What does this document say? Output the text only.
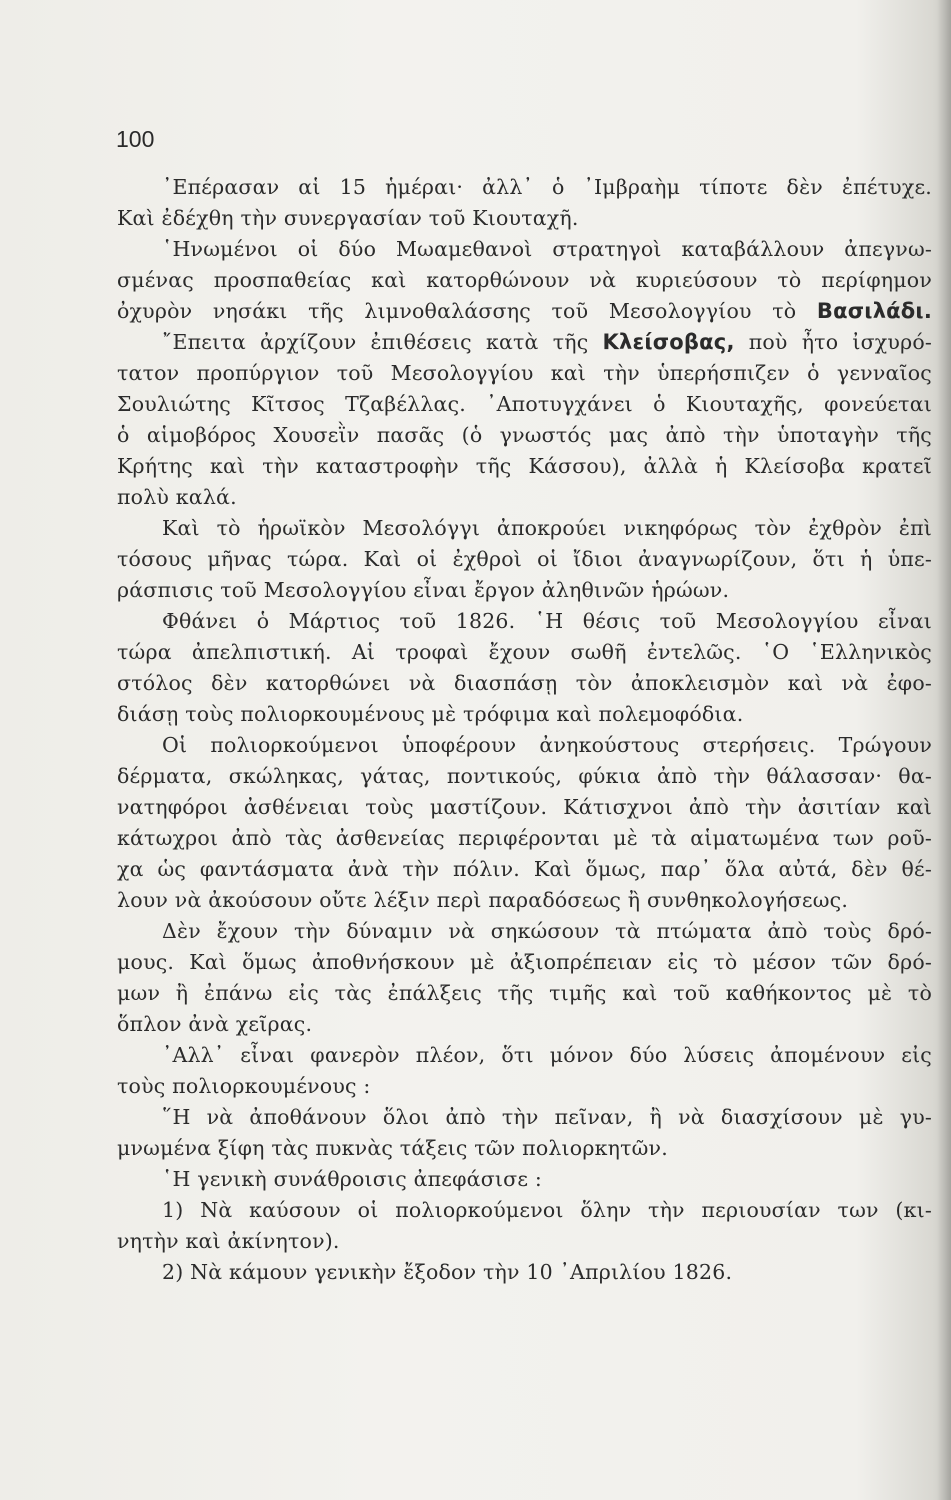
100
᾿Επέρασαν αἱ 15 ἡμέραι· ἀλλ᾿ ὁ ᾿Ιμβραὴμ τίποτε δὲν ἐπέτυχε.
Καὶ ἐδέχθη τὴν συνεργασίαν τοῦ Κιουταχῆ.
῾Ηνωμένοι οἱ δύο Μωαμεθανοὶ στρατηγοὶ καταβάλλουν ἀπεγνω-
σμένας προσπαθείας καὶ κατορθώνουν νὰ κυριεύσουν τὸ περίφημον
ὀχυρὸν νησάκι τῆς λιμνοθαλάσσης τοῦ Μεσολογγίου τὸ Βασιλάδι.
῎Επειτα ἀρχίζουν ἐπιθέσεις κατὰ τῆς Κλείσοβας, ποὺ ἦτο ἰσχυρό-
τατον προπύργιον τοῦ Μεσολογγίου καὶ τὴν ὑπερήσπιζεν ὁ γενναῖος
Σουλιώτης Κῖτσος Τζαβέλλας. ᾿Αποτυγχάνει ὁ Κιουταχῆς, φονεύεται
ὁ αἱμοβόρος Χουσεῒν πασᾶς (ὁ γνωστός μας ἀπὸ τὴν ὑποταγὴν τῆς
Κρήτης καὶ τὴν καταστροφὴν τῆς Κάσσου), ἀλλὰ ἡ Κλείσοβα κρατεῖ
πολὺ καλά.
Καὶ τὸ ἡρωϊκὸν Μεσολόγγι ἀποκρούει νικηφόρως τὸν ἐχθρὸν ἐπὶ
τόσους μῆνας τώρα. Καὶ οἱ ἐχθροὶ οἱ ἴδιοι ἀναγνωρίζουν, ὅτι ἡ ὑπε-
ράσπισις τοῦ Μεσολογγίου εἶναι ἔργον ἀληθινῶν ἡρώων.
Φθάνει ὁ Μάρτιος τοῦ 1826. ῾Η θέσις τοῦ Μεσολογγίου εἶναι
τώρα ἀπελπιστική. Αἱ τροφαὶ ἔχουν σωθῆ ἐντελῶς. ῾Ο ῾Ελληνικὸς
στόλος δὲν κατορθώνει νὰ διασπάσῃ τὸν ἀποκλεισμὸν καὶ νὰ ἐφο-
διάσῃ τοὺς πολιορκουμένους μὲ τρόφιμα καὶ πολεμοφόδια.
Οἱ πολιορκούμενοι ὑποφέρουν ἀνηκούστους στερήσεις. Τρώγουν
δέρματα, σκώληκας, γάτας, ποντικούς, φύκια ἀπὸ τὴν θάλασσαν· θα-
νατηφόροι ἀσθένειαι τοὺς μαστίζουν. Κάτισχνοι ἀπὸ τὴν ἀσιτίαν καὶ
κάτωχροι ἀπὸ τὰς ἀσθενείας περιφέρονται μὲ τὰ αἱματωμένα των ροῦ-
χα ὡς φαντάσματα ἀνὰ τὴν πόλιν. Καὶ ὅμως, παρ᾿ ὅλα αὐτά, δὲν θέ-
λουν νὰ ἀκούσουν οὔτε λέξιν περὶ παραδόσεως ἢ συνθηκολογήσεως.
Δὲν ἔχουν τὴν δύναμιν νὰ σηκώσουν τὰ πτώματα ἀπὸ τοὺς δρό-
μους. Καὶ ὅμως ἀποθνήσκουν μὲ ἀξιοπρέπειαν εἰς τὸ μέσον τῶν δρό-
μων ἢ ἐπάνω εἰς τὰς ἐπάλξεις τῆς τιμῆς καὶ τοῦ καθήκοντος μὲ τὸ
ὅπλον ἀνὰ χεῖρας.
᾿Αλλ᾿ εἶναι φανερὸν πλέον, ὅτι μόνον δύο λύσεις ἀπομένουν εἰς
τοὺς πολιορκουμένους :
῞Η νὰ ἀποθάνουν ὅλοι ἀπὸ τὴν πεῖναν, ἢ νὰ διασχίσουν μὲ γυ-
μνωμένα ξίφη τὰς πυκνὰς τάξεις τῶν πολιορκητῶν.
῾Η γενικὴ συνάθροισις ἀπεφάσισε :
1) Νὰ καύσουν οἱ πολιορκούμενοι ὅλην τὴν περιουσίαν των (κι-
νητὴν καὶ ἀκίνητον).
2) Νὰ κάμουν γενικὴν ἔξοδον τὴν 10 ᾿Απριλίου 1826.
